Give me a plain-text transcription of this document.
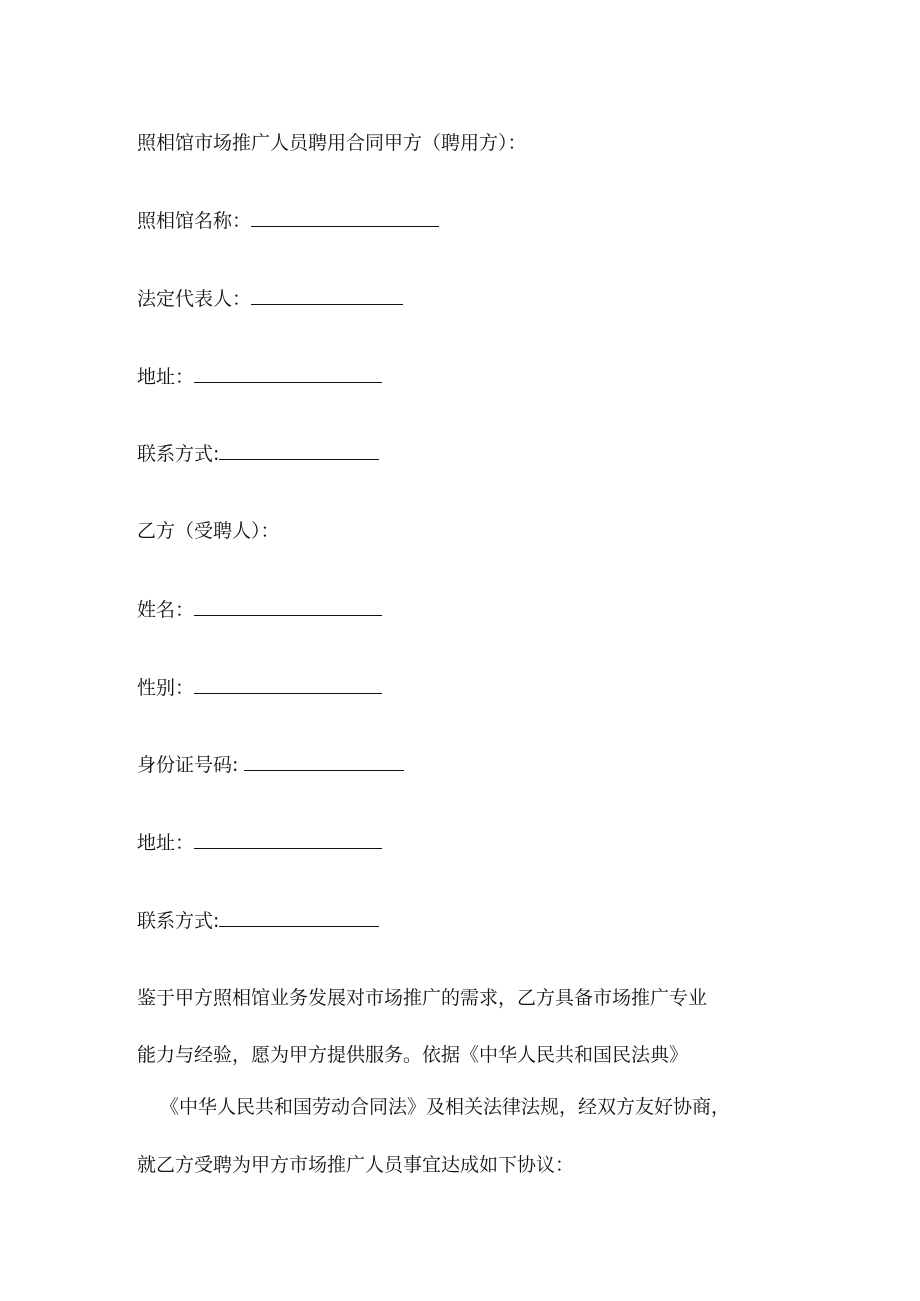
照相馆市场推广人员聘用合同甲方（聘用方）：
照相馆名称：
法定代表人：
地址：
联系方式:
乙方（受聘人）：
姓名：
性别：
身份证号码:
地址：
联系方式:
鉴于甲方照相馆业务发展对市场推广的需求，乙方具备市场推广专业
能力与经验，愿为甲方提供服务。依据《中华人民共和国民法典》
《中华人民共和国劳动合同法》及相关法律法规，经双方友好协商，
就乙方受聘为甲方市场推广人员事宜达成如下协议：
